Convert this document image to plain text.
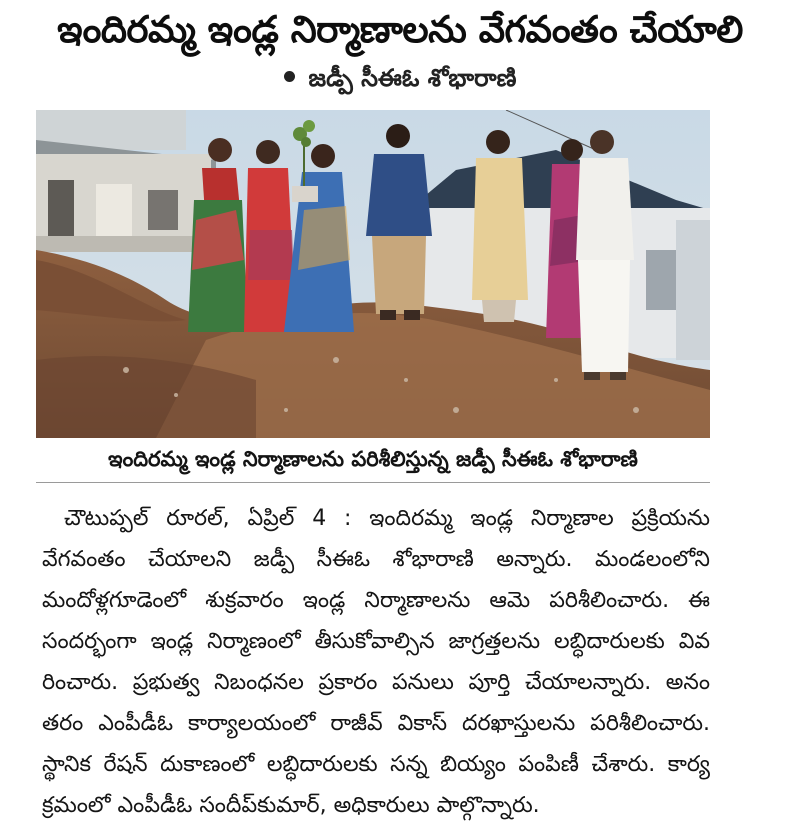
ఇందిరమ్మ ఇండ్ల నిర్మాణాలను వేగవంతం చేయాలి
జడ్పీ సీఈఓ శోభారాణి
ఇందిరమ్మ ఇండ్ల నిర్మాణాలను పరిశీలిస్తున్న జడ్పీ సీఈఓ శోభారాణి
చౌటుప్పల్ రూరల్, ఏప్రిల్ 4 : ఇందిరమ్మ ఇండ్ల నిర్మాణాల ప్రక్రియను
వేగవంతం చేయాలని జడ్పీ సీఈఓ శోభారాణి అన్నారు. మండలంలోని
మందోళ్లగూడెంలో శుక్రవారం ఇండ్ల నిర్మాణాలను ఆమె పరిశీలించారు. ఈ
సందర్భంగా ఇండ్ల నిర్మాణంలో తీసుకోవాల్సిన జాగ్రత్తలను లబ్ధిదారులకు వివ
రించారు. ప్రభుత్వ నిబంధనల ప్రకారం పనులు పూర్తి చేయాలన్నారు. అనం
తరం ఎంపీడీఓ కార్యాలయంలో రాజీవ్ వికాస్ దరఖాస్తులను పరిశీలించారు.
స్థానిక రేషన్ దుకాణంలో లబ్ధిదారులకు సన్న బియ్యం పంపిణీ చేశారు. కార్య
క్రమంలో ఎంపీడీఓ సందీప్‌కుమార్, అధికారులు పాల్గొన్నారు.
